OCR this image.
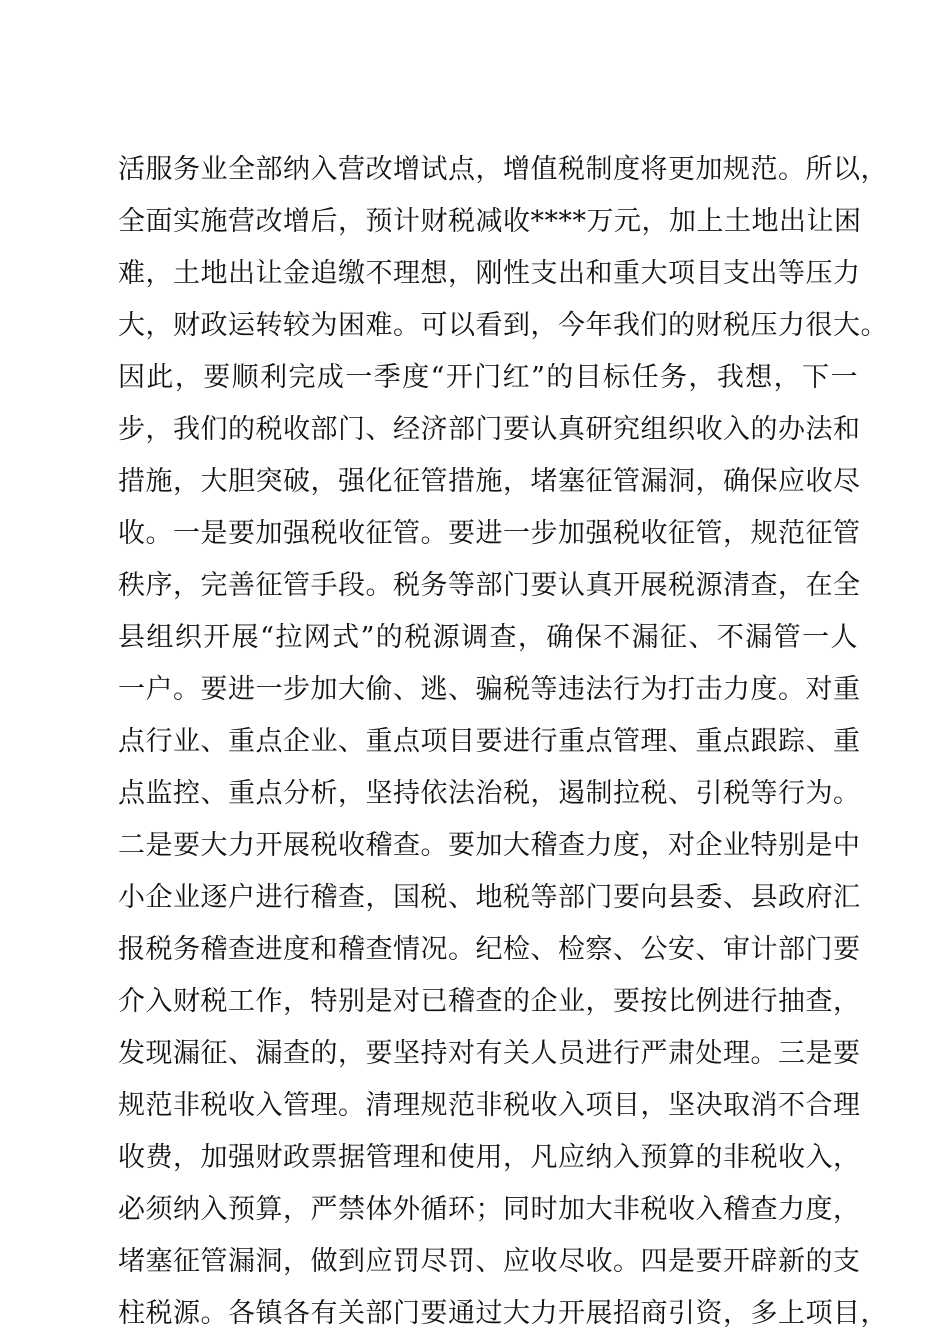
活服务业全部纳入营改增试点，增值税制度将更加规范。所以，
全面实施营改增后，预计财税减收****万元，加上土地出让困
难，土地出让金追缴不理想，刚性支出和重大项目支出等压力
大，财政运转较为困难。可以看到，今年我们的财税压力很大。
因此，要顺利完成一季度“开门红”的目标任务，我想，下一
步，我们的税收部门、经济部门要认真研究组织收入的办法和
措施，大胆突破，强化征管措施，堵塞征管漏洞，确保应收尽
收。一是要加强税收征管。要进一步加强税收征管，规范征管
秩序，完善征管手段。税务等部门要认真开展税源清查，在全
县组织开展“拉网式”的税源调查，确保不漏征、不漏管一人
一户。要进一步加大偷、逃、骗税等违法行为打击力度。对重
点行业、重点企业、重点项目要进行重点管理、重点跟踪、重
点监控、重点分析，坚持依法治税，遏制拉税、引税等行为。
二是要大力开展税收稽查。要加大稽查力度，对企业特别是中
小企业逐户进行稽查，国税、地税等部门要向县委、县政府汇
报税务稽查进度和稽查情况。纪检、检察、公安、审计部门要
介入财税工作，特别是对已稽查的企业，要按比例进行抽查，
发现漏征、漏查的，要坚持对有关人员进行严肃处理。三是要
规范非税收入管理。清理规范非税收入项目，坚决取消不合理
收费，加强财政票据管理和使用，凡应纳入预算的非税收入，
必须纳入预算，严禁体外循环；同时加大非税收入稽查力度，
堵塞征管漏洞，做到应罚尽罚、应收尽收。四是要开辟新的支
柱税源。各镇各有关部门要通过大力开展招商引资，多上项目，
